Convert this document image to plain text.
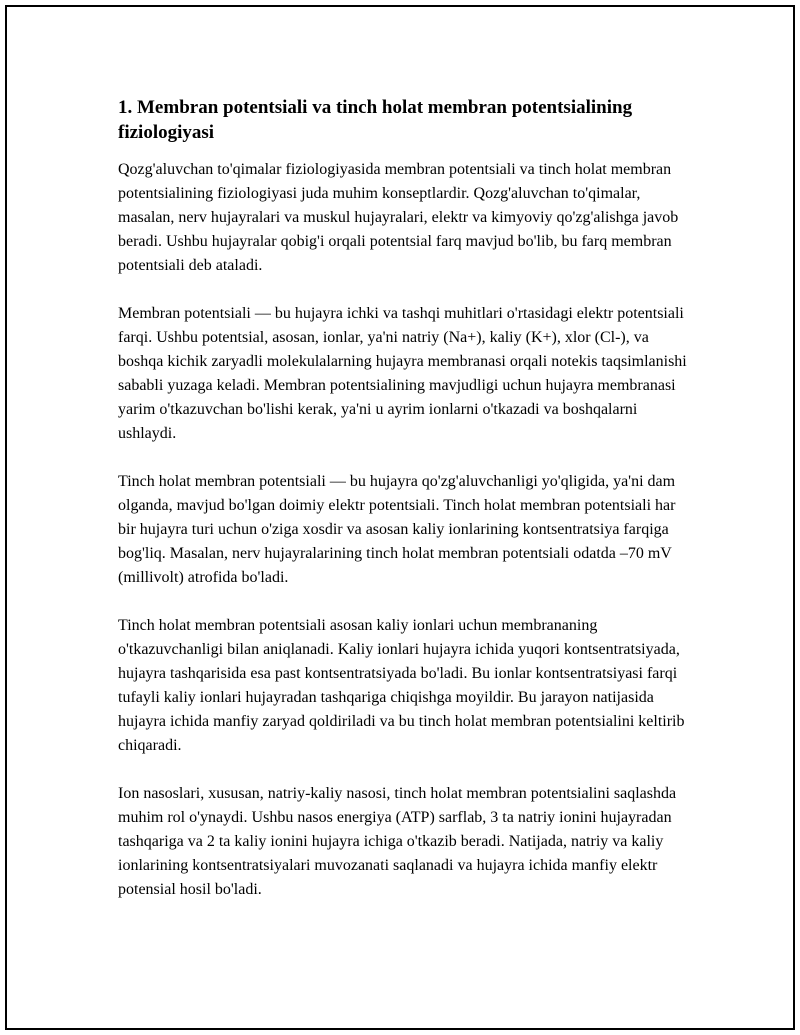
1. Membran potentsiali va tinch holat membran potentsialining fiziologiyasi

Qozg'aluvchan to'qimalar fiziologiyasida membran potentsiali va tinch holat membran potentsialining fiziologiyasi juda muhim konseptlardir. Qozg'aluvchan to'qimalar, masalan, nerv hujayralari va muskul hujayralari, elektr va kimyoviy qo'zg'alishga javob beradi. Ushbu hujayralar qobig'i orqali potentsial farq mavjud bo'lib, bu farq membran potentsiali deb ataladi.

Membran potentsiali — bu hujayra ichki va tashqi muhitlari o'rtasidagi elektr potentsiali farqi. Ushbu potentsial, asosan, ionlar, ya'ni natriy (Na+), kaliy (K+), xlor (Cl-), va boshqa kichik zaryadli molekulalarning hujayra membranasi orqali notekis taqsimlanishi sababli yuzaga keladi. Membran potentsialining mavjudligi uchun hujayra membranasi yarim o'tkazuvchan bo'lishi kerak, ya'ni u ayrim ionlarni o'tkazadi va boshqalarni ushlaydi.

Tinch holat membran potentsiali — bu hujayra qo'zg'aluvchanligi yo'qligida, ya'ni dam olganda, mavjud bo'lgan doimiy elektr potentsiali. Tinch holat membran potentsiali har bir hujayra turi uchun o'ziga xosdir va asosan kaliy ionlarining kontsentratsiya farqiga bog'liq. Masalan, nerv hujayralarining tinch holat membran potentsiali odatda –70 mV (millivolt) atrofida bo'ladi.

Tinch holat membran potentsiali asosan kaliy ionlari uchun membrananing o'tkazuvchanligi bilan aniqlanadi. Kaliy ionlari hujayra ichida yuqori kontsentratsiyada, hujayra tashqarisida esa past kontsentratsiyada bo'ladi. Bu ionlar kontsentratsiyasi farqi tufayli kaliy ionlari hujayradan tashqariga chiqishga moyildir. Bu jarayon natijasida hujayra ichida manfiy zaryad qoldiriladi va bu tinch holat membran potentsialini keltirib chiqaradi.

Ion nasoslari, xususan, natriy-kaliy nasosi, tinch holat membran potentsialini saqlashda muhim rol o'ynaydi. Ushbu nasos energiya (ATP) sarflab, 3 ta natriy ionini hujayradan tashqariga va 2 ta kaliy ionini hujayra ichiga o'tkazib beradi. Natijada, natriy va kaliy ionlarining kontsentratsiyalari muvozanati saqlanadi va hujayra ichida manfiy elektr potensial hosil bo'ladi.
